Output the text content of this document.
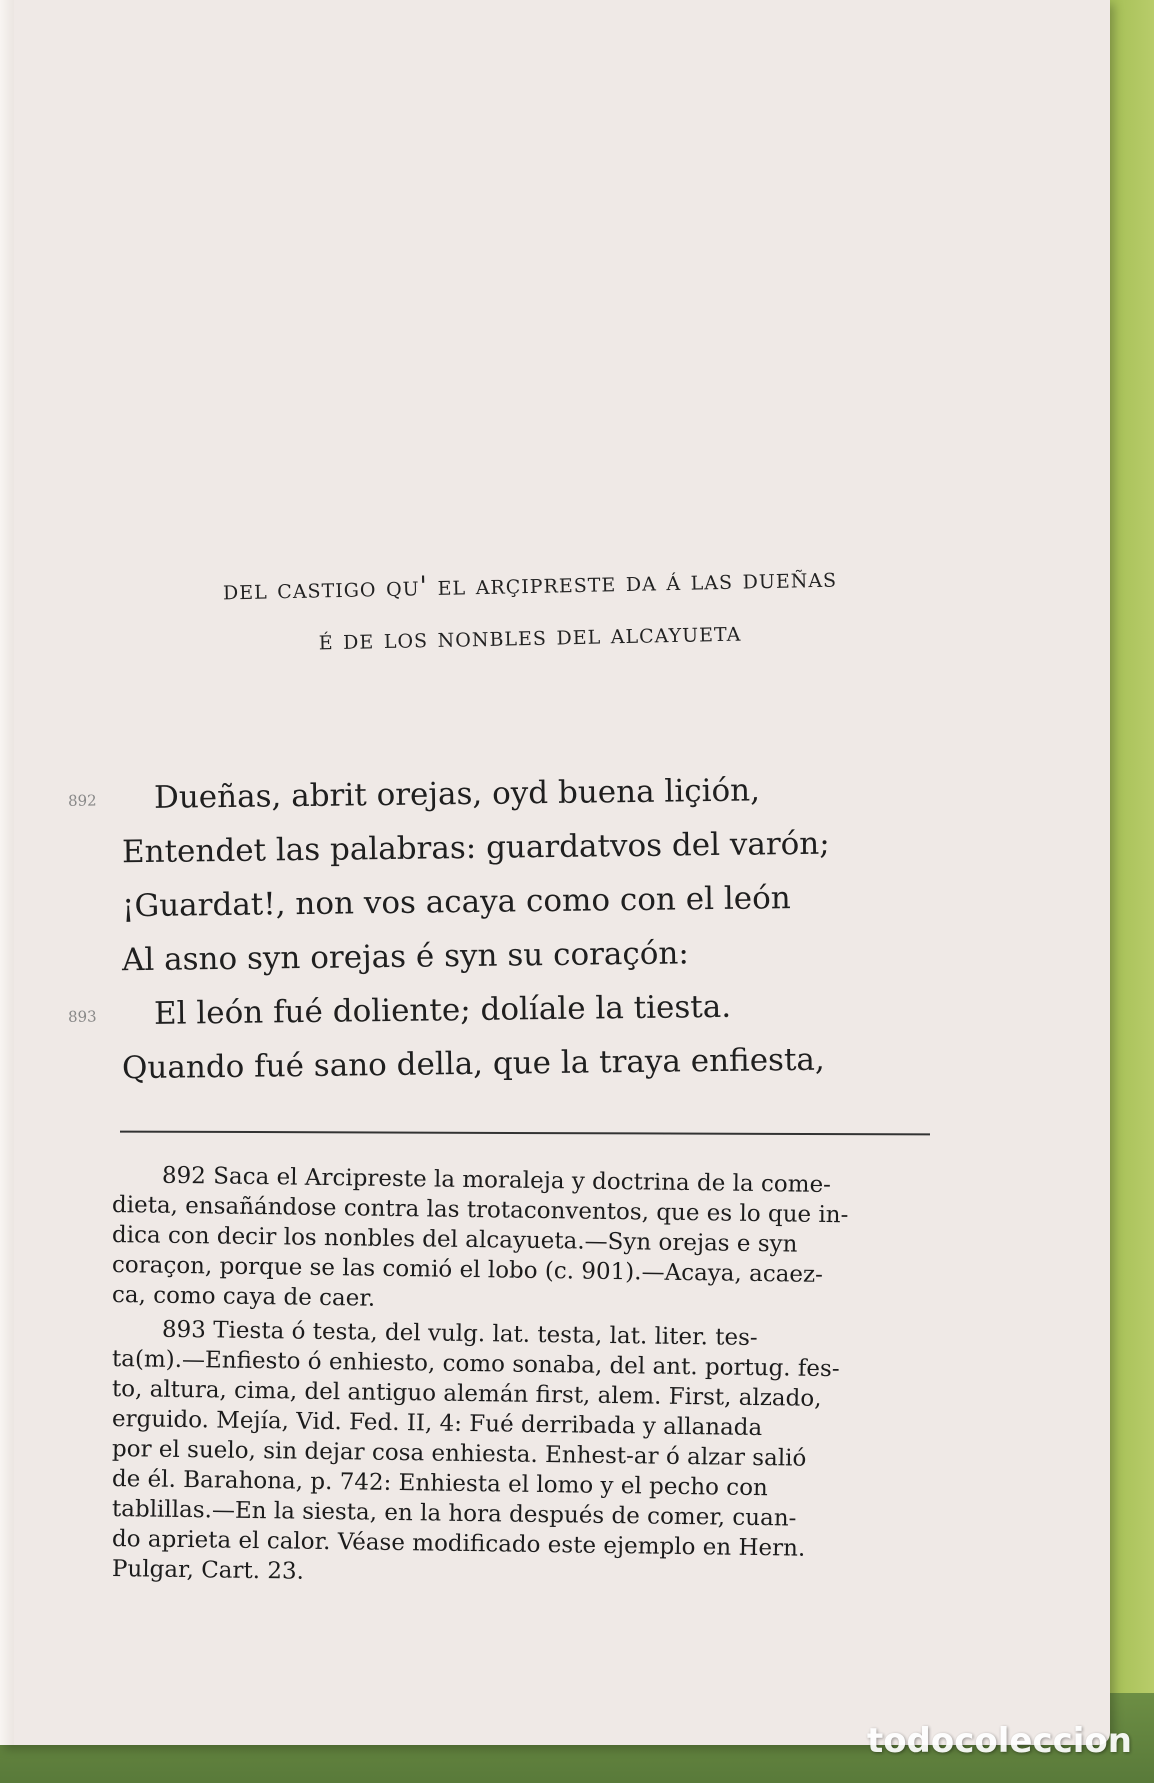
del castigo qu' el arçipreste da á las dueñas
é de los nonbles del alcayueta
892 Dueñas, abrit orejas, oyd buena liçión,
Entendet las palabras: guardatvos del varón;
¡Guardat!, non vos acaya como con el león
Al asno syn orejas é syn su coraçón:
893 El león fué doliente; dolíale la tiesta.
Quando fué sano della, que la traya enfiesta,
892 Saca el Arcipreste la moraleja y doctrina de la come-
dieta, ensañándose contra las trotaconventos, que es lo que in-
dica con decir los nonbles del alcayueta.—Syn orejas e syn
coraçon, porque se las comió el lobo (c. 901).—Acaya, acaez-
ca, como caya de caer.
893 Tiesta ó testa, del vulg. lat. testa, lat. liter. tes-
ta(m).—Enfiesto ó enhiesto, como sonaba, del ant. portug. fes-
to, altura, cima, del antiguo alemán first, alem. First, alzado,
erguido. Mejía, Vid. Fed. II, 4: Fué derribada y allanada
por el suelo, sin dejar cosa enhiesta. Enhest-ar ó alzar salió
de él. Barahona, p. 742: Enhiesta el lomo y el pecho con
tablillas.—En la siesta, en la hora después de comer, cuan-
do aprieta el calor. Véase modificado este ejemplo en Hern.
Pulgar, Cart. 23.
todocoleccion
